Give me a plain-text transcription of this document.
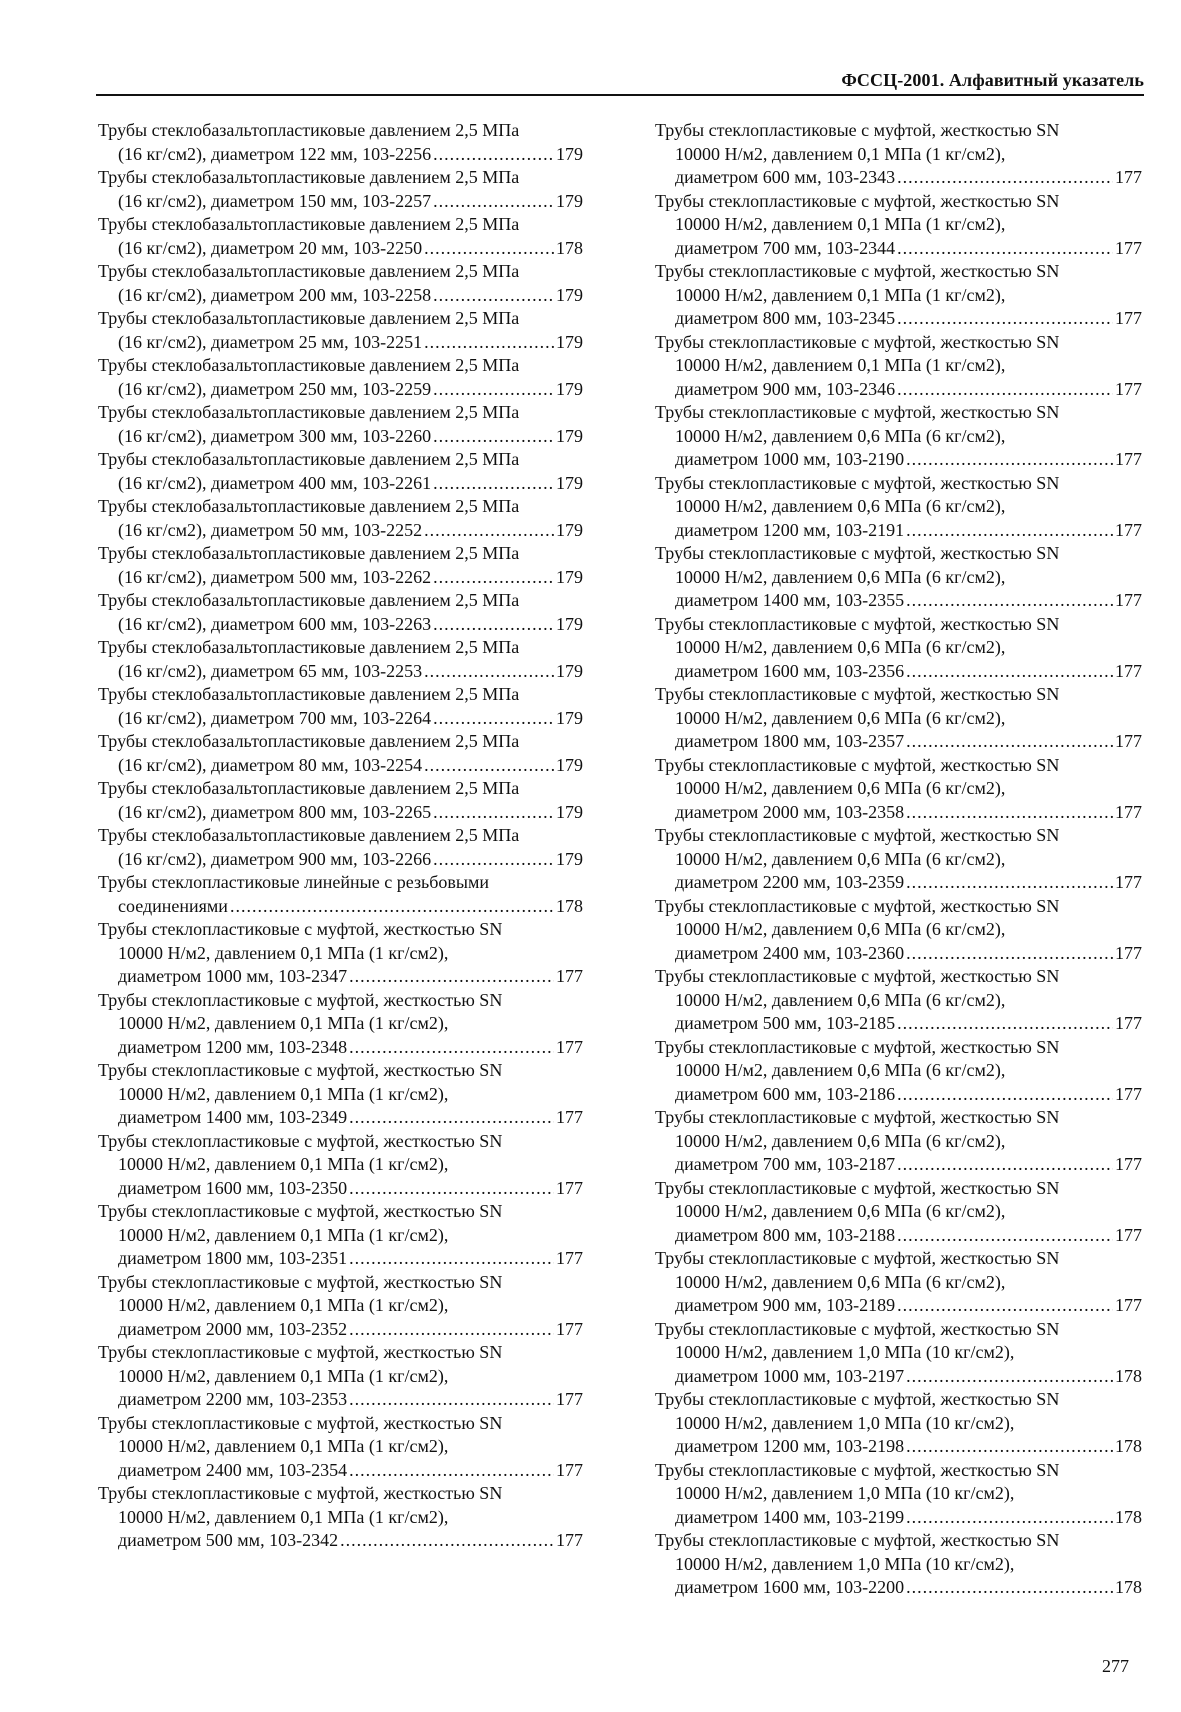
ФССЦ-2001. Алфавитный указатель
Трубы стеклобазальтопластиковые давлением 2,5 МПа
(16 кг/см2), диаметром 122 мм, 103-2256 .....	179
Трубы стеклобазальтопластиковые давлением 2,5 МПа
(16 кг/см2), диаметром 150 мм, 103-2257 .....	179
Трубы стеклобазальтопластиковые давлением 2,5 МПа
(16 кг/см2), диаметром 20 мм, 103-2250 .....	178
Трубы стеклобазальтопластиковые давлением 2,5 МПа
(16 кг/см2), диаметром 200 мм, 103-2258 .....	179
Трубы стеклобазальтопластиковые давлением 2,5 МПа
(16 кг/см2), диаметром 25 мм, 103-2251 .....	179
Трубы стеклобазальтопластиковые давлением 2,5 МПа
(16 кг/см2), диаметром 250 мм, 103-2259 .....	179
Трубы стеклобазальтопластиковые давлением 2,5 МПа
(16 кг/см2), диаметром 300 мм, 103-2260 .....	179
Трубы стеклобазальтопластиковые давлением 2,5 МПа
(16 кг/см2), диаметром 400 мм, 103-2261 .....	179
Трубы стеклобазальтопластиковые давлением 2,5 МПа
(16 кг/см2), диаметром 50 мм, 103-2252 .....	179
Трубы стеклобазальтопластиковые давлением 2,5 МПа
(16 кг/см2), диаметром 500 мм, 103-2262 .....	179
Трубы стеклобазальтопластиковые давлением 2,5 МПа
(16 кг/см2), диаметром 600 мм, 103-2263 .....	179
Трубы стеклобазальтопластиковые давлением 2,5 МПа
(16 кг/см2), диаметром 65 мм, 103-2253 .....	179
Трубы стеклобазальтопластиковые давлением 2,5 МПа
(16 кг/см2), диаметром 700 мм, 103-2264 .....	179
Трубы стеклобазальтопластиковые давлением 2,5 МПа
(16 кг/см2), диаметром 80 мм, 103-2254 .....	179
Трубы стеклобазальтопластиковые давлением 2,5 МПа
(16 кг/см2), диаметром 800 мм, 103-2265 .....	179
Трубы стеклобазальтопластиковые давлением 2,5 МПа
(16 кг/см2), диаметром 900 мм, 103-2266 .....	179
Трубы стеклопластиковые линейные с резьбовыми
соединениями .....	178
Трубы стеклопластиковые с муфтой, жесткостью SN
10000 Н/м2, давлением 0,1 МПа (1 кг/см2),
диаметром 1000 мм, 103-2347 .....	177
Трубы стеклопластиковые с муфтой, жесткостью SN
10000 Н/м2, давлением 0,1 МПа (1 кг/см2),
диаметром 1200 мм, 103-2348 .....	177
Трубы стеклопластиковые с муфтой, жесткостью SN
10000 Н/м2, давлением 0,1 МПа (1 кг/см2),
диаметром 1400 мм, 103-2349 .....	177
Трубы стеклопластиковые с муфтой, жесткостью SN
10000 Н/м2, давлением 0,1 МПа (1 кг/см2),
диаметром 1600 мм, 103-2350 .....	177
Трубы стеклопластиковые с муфтой, жесткостью SN
10000 Н/м2, давлением 0,1 МПа (1 кг/см2),
диаметром 1800 мм, 103-2351 .....	177
Трубы стеклопластиковые с муфтой, жесткостью SN
10000 Н/м2, давлением 0,1 МПа (1 кг/см2),
диаметром 2000 мм, 103-2352 .....	177
Трубы стеклопластиковые с муфтой, жесткостью SN
10000 Н/м2, давлением 0,1 МПа (1 кг/см2),
диаметром 2200 мм, 103-2353 .....	177
Трубы стеклопластиковые с муфтой, жесткостью SN
10000 Н/м2, давлением 0,1 МПа (1 кг/см2),
диаметром 2400 мм, 103-2354 .....	177
Трубы стеклопластиковые с муфтой, жесткостью SN
10000 Н/м2, давлением 0,1 МПа (1 кг/см2),
диаметром 500 мм, 103-2342 .....	177
Трубы стеклопластиковые с муфтой, жесткостью SN
10000 Н/м2, давлением 0,1 МПа (1 кг/см2),
диаметром 600 мм, 103-2343 .....	177
Трубы стеклопластиковые с муфтой, жесткостью SN
10000 Н/м2, давлением 0,1 МПа (1 кг/см2),
диаметром 700 мм, 103-2344 .....	177
Трубы стеклопластиковые с муфтой, жесткостью SN
10000 Н/м2, давлением 0,1 МПа (1 кг/см2),
диаметром 800 мм, 103-2345 .....	177
Трубы стеклопластиковые с муфтой, жесткостью SN
10000 Н/м2, давлением 0,1 МПа (1 кг/см2),
диаметром 900 мм, 103-2346 .....	177
Трубы стеклопластиковые с муфтой, жесткостью SN
10000 Н/м2, давлением 0,6 МПа (6 кг/см2),
диаметром 1000 мм, 103-2190 .....	177
Трубы стеклопластиковые с муфтой, жесткостью SN
10000 Н/м2, давлением 0,6 МПа (6 кг/см2),
диаметром 1200 мм, 103-2191 .....	177
Трубы стеклопластиковые с муфтой, жесткостью SN
10000 Н/м2, давлением 0,6 МПа (6 кг/см2),
диаметром 1400 мм, 103-2355 .....	177
Трубы стеклопластиковые с муфтой, жесткостью SN
10000 Н/м2, давлением 0,6 МПа (6 кг/см2),
диаметром 1600 мм, 103-2356 .....	177
Трубы стеклопластиковые с муфтой, жесткостью SN
10000 Н/м2, давлением 0,6 МПа (6 кг/см2),
диаметром 1800 мм, 103-2357 .....	177
Трубы стеклопластиковые с муфтой, жесткостью SN
10000 Н/м2, давлением 0,6 МПа (6 кг/см2),
диаметром 2000 мм, 103-2358 .....	177
Трубы стеклопластиковые с муфтой, жесткостью SN
10000 Н/м2, давлением 0,6 МПа (6 кг/см2),
диаметром 2200 мм, 103-2359 .....	177
Трубы стеклопластиковые с муфтой, жесткостью SN
10000 Н/м2, давлением 0,6 МПа (6 кг/см2),
диаметром 2400 мм, 103-2360 .....	177
Трубы стеклопластиковые с муфтой, жесткостью SN
10000 Н/м2, давлением 0,6 МПа (6 кг/см2),
диаметром 500 мм, 103-2185 .....	177
Трубы стеклопластиковые с муфтой, жесткостью SN
10000 Н/м2, давлением 0,6 МПа (6 кг/см2),
диаметром 600 мм, 103-2186 .....	177
Трубы стеклопластиковые с муфтой, жесткостью SN
10000 Н/м2, давлением 0,6 МПа (6 кг/см2),
диаметром 700 мм, 103-2187 .....	177
Трубы стеклопластиковые с муфтой, жесткостью SN
10000 Н/м2, давлением 0,6 МПа (6 кг/см2),
диаметром 800 мм, 103-2188 .....	177
Трубы стеклопластиковые с муфтой, жесткостью SN
10000 Н/м2, давлением 0,6 МПа (6 кг/см2),
диаметром 900 мм, 103-2189 .....	177
Трубы стеклопластиковые с муфтой, жесткостью SN
10000 Н/м2, давлением 1,0 МПа (10 кг/см2),
диаметром 1000 мм, 103-2197 .....	178
Трубы стеклопластиковые с муфтой, жесткостью SN
10000 Н/м2, давлением 1,0 МПа (10 кг/см2),
диаметром 1200 мм, 103-2198 .....	178
Трубы стеклопластиковые с муфтой, жесткостью SN
10000 Н/м2, давлением 1,0 МПа (10 кг/см2),
диаметром 1400 мм, 103-2199 .....	178
Трубы стеклопластиковые с муфтой, жесткостью SN
10000 Н/м2, давлением 1,0 МПа (10 кг/см2),
диаметром 1600 мм, 103-2200 .....	178
277
